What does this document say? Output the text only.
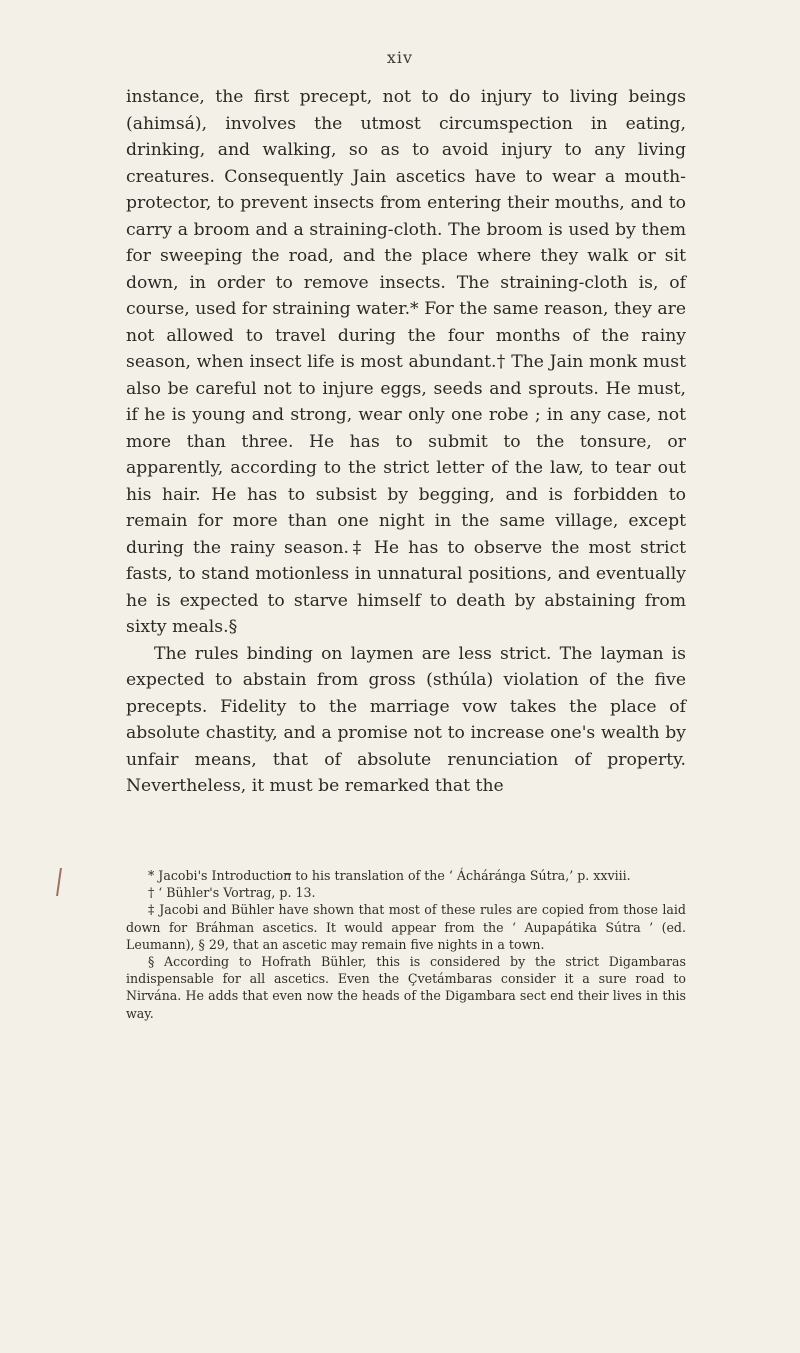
xiv

instance, the first precept, not to do injury to living beings (ahimsá), involves the utmost circumspection in eating, drinking, and walking, so as to avoid injury to any living creatures. Consequently Jain ascetics have to wear a mouth-protector, to prevent insects from entering their mouths, and to carry a broom and a straining-cloth. The broom is used by them for sweeping the road, and the place where they walk or sit down, in order to remove insects. The straining-cloth is, of course, used for straining water.* For the same reason, they are not allowed to travel during the four months of the rainy season, when insect life is most abundant.† The Jain monk must also be careful not to injure eggs, seeds and sprouts. He must, if he is young and strong, wear only one robe ; in any case, not more than three. He has to submit to the tonsure, or apparently, according to the strict letter of the law, to tear out his hair. He has to subsist by begging, and is forbidden to remain for more than one night in the same village, except during the rainy season.‡ He has to observe the most strict fasts, to stand motionless in unnatural positions, and eventually he is expected to starve himself to death by abstaining from sixty meals.§

The rules binding on laymen are less strict. The layman is expected to abstain from gross (sthúla) violation of the five precepts. Fidelity to the marriage vow takes the place of absolute chastity, and a promise not to increase one's wealth by unfair means, that of absolute renunciation of property. Nevertheless, it must be remarked that the

* Jacobi's Introduction to his translation of the ‘ Ácháránga Sútra,’ p. xxviii.

† ‘ Bühler's Vortrag, p. 13.

‡ Jacobi and Bühler have shown that most of these rules are copied from those laid down for Bráhman ascetics. It would appear from the ‘ Aupapátika Sútra ’ (ed. Leumann), § 29, that an ascetic may remain five nights in a town.

§ According to Hofrath Bühler, this is considered by the strict Digambaras indispensable for all ascetics. Even the Çvetámbaras consider it a sure road to Nirvána. He adds that even now the heads of the Digambara sect end their lives in this way.
